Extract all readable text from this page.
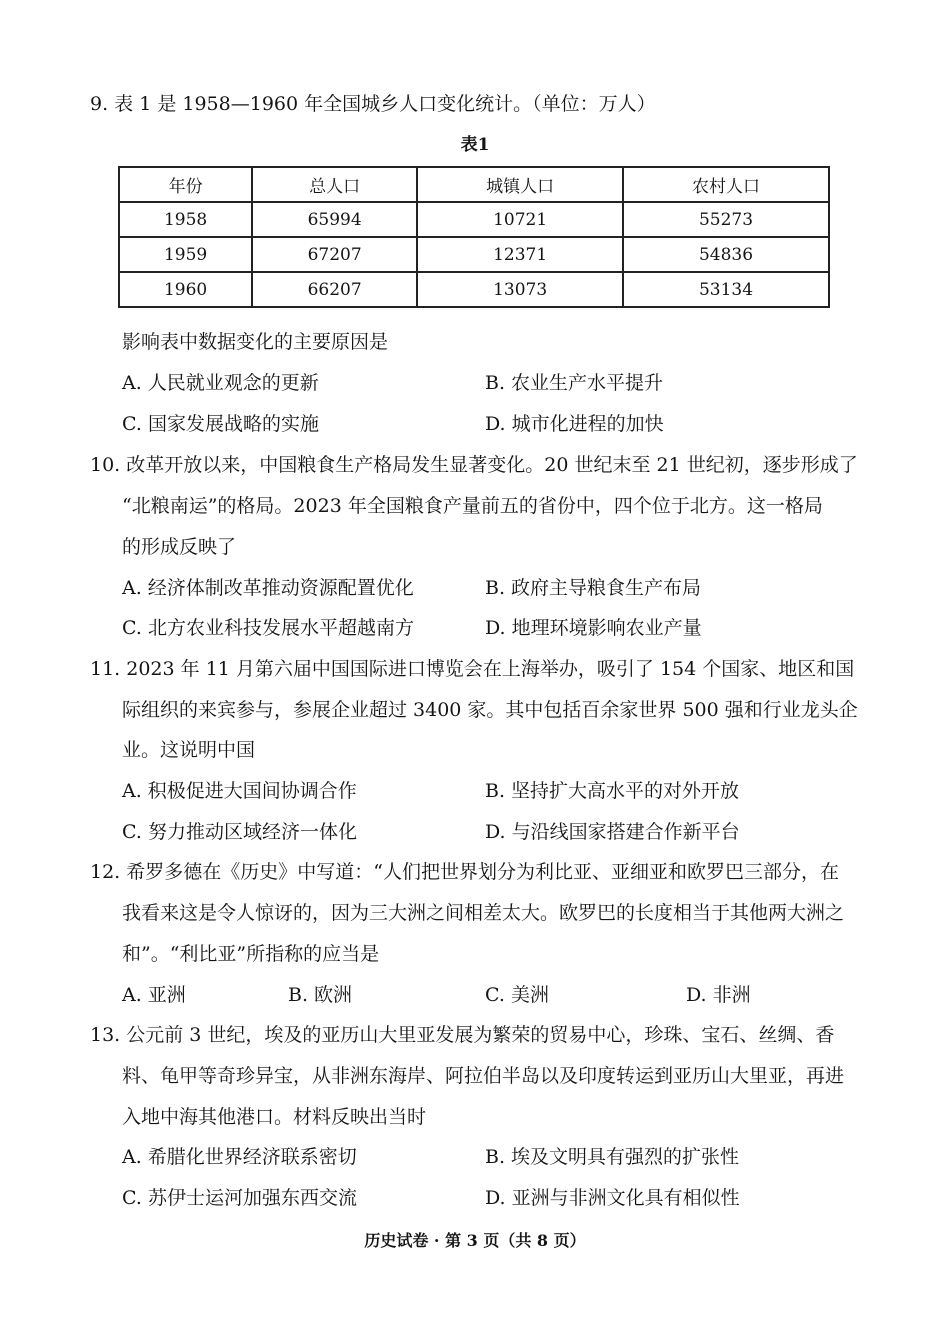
9. 表 1 是 1958—1960 年全国城乡人口变化统计。（单位：万人）
表1
年份	总人口	城镇人口	农村人口
1958	65994	10721	55273
1959	67207	12371	54836
1960	66207	13073	53134
影响表中数据变化的主要原因是
A. 人民就业观念的更新	B. 农业生产水平提升
C. 国家发展战略的实施	D. 城市化进程的加快
10. 改革开放以来，中国粮食生产格局发生显著变化。20 世纪末至 21 世纪初，逐步形成了
“北粮南运”的格局。2023 年全国粮食产量前五的省份中，四个位于北方。这一格局
的形成反映了
A. 经济体制改革推动资源配置优化	B. 政府主导粮食生产布局
C. 北方农业科技发展水平超越南方	D. 地理环境影响农业产量
11. 2023 年 11 月第六届中国国际进口博览会在上海举办，吸引了 154 个国家、地区和国
际组织的来宾参与，参展企业超过 3400 家。其中包括百余家世界 500 强和行业龙头企
业。这说明中国
A. 积极促进大国间协调合作	B. 坚持扩大高水平的对外开放
C. 努力推动区域经济一体化	D. 与沿线国家搭建合作新平台
12. 希罗多德在《历史》中写道：“人们把世界划分为利比亚、亚细亚和欧罗巴三部分，在
我看来这是令人惊讶的，因为三大洲之间相差太大。欧罗巴的长度相当于其他两大洲之
和”。“利比亚”所指称的应当是
A. 亚洲	B. 欧洲	C. 美洲	D. 非洲
13. 公元前 3 世纪，埃及的亚历山大里亚发展为繁荣的贸易中心，珍珠、宝石、丝绸、香
料、龟甲等奇珍异宝，从非洲东海岸、阿拉伯半岛以及印度转运到亚历山大里亚，再进
入地中海其他港口。材料反映出当时
A. 希腊化世界经济联系密切	B. 埃及文明具有强烈的扩张性
C. 苏伊士运河加强东西交流	D. 亚洲与非洲文化具有相似性
历史试卷 · 第 3 页（共 8 页）
